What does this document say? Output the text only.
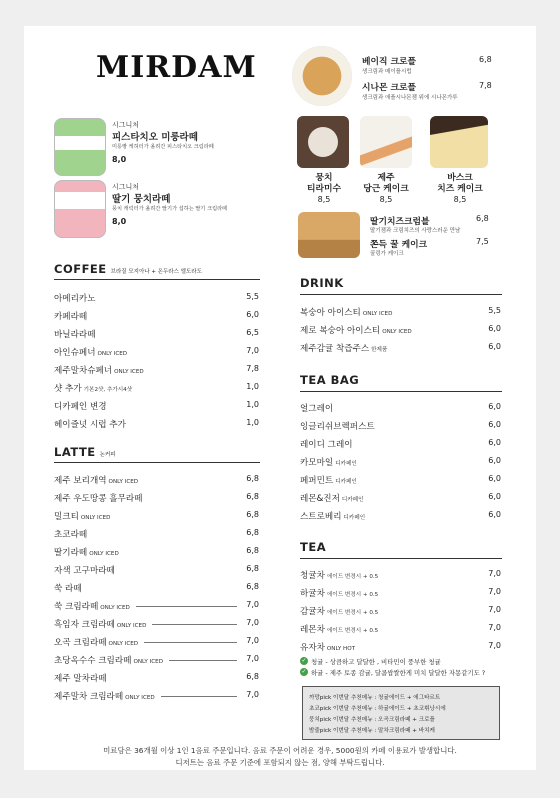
MIRDAM
시그니처
피스타치오 미룽라떼
미룽빵 케허터가 올려간 피스타치오 크림라떼
8,0
시그니처
딸기 뭉치라떼
뭉치 캐릭터가 올려간 딸기가 섭하는 딸기 크림라떼
8,0
COFFEE 브라질 모지아나 + 온두라스 엘도라도
아메리카노	5,5
카페라떼	6,0
바닐라라떼	6,5
아인슈페너 ONLY ICED	7,0
제주말차슈페너 ONLY ICED	7,8
샷 추가 기본2샷, 추가시4샷	1,0
디카페인 변경	1,0
헤이즐넛 시럽 추가	1,0
LATTE 논커피
제주 보리개역 ONLY ICED	6,8
제주 우도땅콩 흘무라떼	6,8
밀크티 ONLY ICED	6,8
초코라떼	6,8
딸기라떼 ONLY ICED	6,8
자색 고구마라떼	6,8
쑥 라떼	6,8
쑥 크림라떼 ONLY ICED	7,0
흑임자 크림라떼 ONLY ICED	7,0
오곡 크림라떼 ONLY ICED	7,0
초당옥수수 크림라떼 ONLY ICED	7,0
제주 말차라떼	6,8
제주말차 크림라떼 ONLY ICED	7,0
베이직 크로플
생크림과 메이플시럽
6,8
시나몬 크로플
생크림과 애플시나몬잼 위에 시나몬가루
7,8
뭉치
티라미수
8,5
제주
당근 케이크
8,5
바스크
치즈 케이크
8,5
딸기치즈크럼블
딸기잼과 크림치즈의 사랑스러운 만남
6,8
쫀득 꿀 케이크
꿀링가 케이크
7,5
DRINK
복숭아 아이스티 ONLY ICED	5,5
제로 복숭아 아이스티 ONLY ICED	6,0
제주감귤 착즙주스 한제품	6,0
TEA BAG
얼그레이	6,0
잉글리쉬브렉퍼스트	6,0
레이디 그레이	6,0
카모마일 디카페인	6,0
페퍼민트 디카페인	6,0
레몬&진저 디카페인	6,0
스트로베리 디카페인	6,0
TEA
청귤차 에이드 변경시 + 0.5	7,0
하귤차 에이드 변경시 + 0.5	7,0
감귤차 에이드 변경시 + 0.5	7,0
레몬차 에이드 변경시 + 0.5	7,0
유자차 ONLY HOT	7,0
✓ 청귤 - 상큼하고 달달한 , 비타민이 풍부한 청귤
✓ 하귤 - 제주 토종 감귤, 달콤쌉쌀한게 미치 달달한 자몽같기도 ?
까망pick 이번달 추천메뉴 : 청귤에이드 + 에그타르트
초코pick 이번달 추천메뉴 : 하귤에이드 + 초코휘낭시에
뭉치pick 이번달 추천메뉴 : 오곡크림라떼 + 크로플
밤줄pick 이번달 추천메뉴 : 말차크림라떼 + 바치케
미료담은 36개월 이상 1인 1음료 주문입니다. 음료 주문이 어려운 경우, 5000원의 카페 이용료가 발생합니다.
디저트는 음료 주문 기준에 포함되지 않는 점, 양해 부탁드립니다.
